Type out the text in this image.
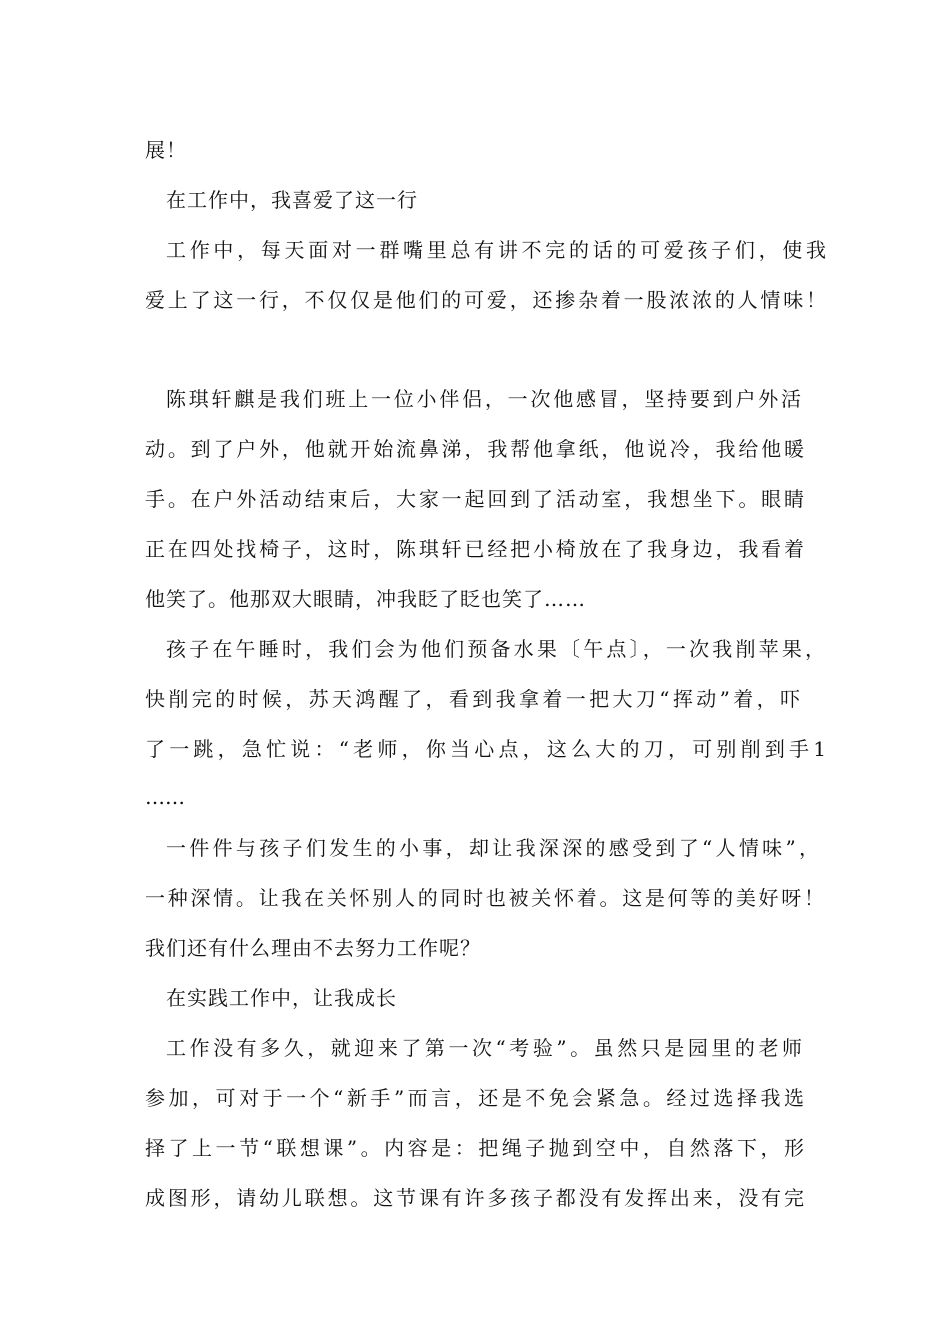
展！
在工作中，我喜爱了这一行
工作中，每天面对一群嘴里总有讲不完的话的可爱孩子们，使我
爱上了这一行，不仅仅是他们的可爱，还掺杂着一股浓浓的人情味！
陈琪轩麒是我们班上一位小伴侣，一次他感冒，坚持要到户外活
动。到了户外，他就开始流鼻涕，我帮他拿纸，他说冷，我给他暖
手。在户外活动结束后，大家一起回到了活动室，我想坐下。眼睛
正在四处找椅子，这时，陈琪轩已经把小椅放在了我身边，我看着
他笑了。他那双大眼睛，冲我眨了眨也笑了……
孩子在午睡时，我们会为他们预备水果〔午点〕，一次我削苹果，
快削完的时候，苏天鸿醒了，看到我拿着一把大刀“挥动”着，吓
了一跳，急忙说：“老师，你当心点，这么大的刀，可别削到手1
……
一件件与孩子们发生的小事，却让我深深的感受到了“人情味”，
一种深情。让我在关怀别人的同时也被关怀着。这是何等的美好呀！
我们还有什么理由不去努力工作呢？
在实践工作中，让我成长
工作没有多久，就迎来了第一次“考验”。虽然只是园里的老师
参加，可对于一个“新手”而言，还是不免会紧急。经过选择我选
择了上一节“联想课”。内容是：把绳子抛到空中，自然落下，形
成图形，请幼儿联想。这节课有许多孩子都没有发挥出来，没有完
